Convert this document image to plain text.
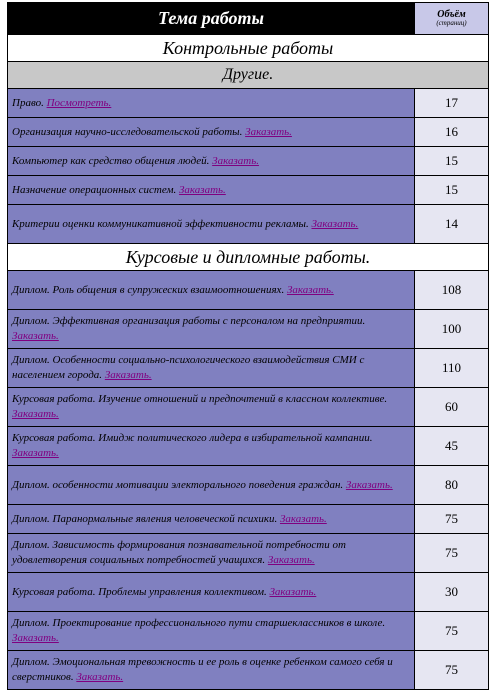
Тема работы	Объём
(страниц)

Контрольные работы	
Другие.	
Право. Посмотреть.	17
Организация научно-исследовательской работы. Заказать.	16
Компьютер как средство общения людей. Заказать.	15
Назначение операционных систем. Заказать.	15
Критерии оценки коммуникативной эффективности рекламы. Заказать.	14
Курсовые и дипломные работы.	
Диплом. Роль общения в супружеских взаимоотношениях. Заказать.	108
Диплом. Эффективная организация работы с персоналом на предприятии. Заказать.	100
Диплом. Особенности социально-психологического взаимодействия СМИ с населением города. Заказать.	110
Курсовая работа. Изучение отношений и предпочтений в классном коллективе. Заказать.	60
Курсовая работа. Имидж политического лидера в избирательной кампании. Заказать.	45
Диплом. особенности мотивации электорального поведения граждан. Заказать.	80
Диплом. Паранормальные явления человеческой психики. Заказать.	75
Диплом. Зависимость формирования познавательной потребности от удовлетворения социальных потребностей учащихся. Заказать.	75
Курсовая работа. Проблемы управления коллективом. Заказать.	30
Диплом. Проектирование профессионального пути старшеклассников в школе. Заказать.	75
Диплом. Эмоциональная тревожность и ее роль в оценке ребенком самого себя и сверстников. Заказать.	75
